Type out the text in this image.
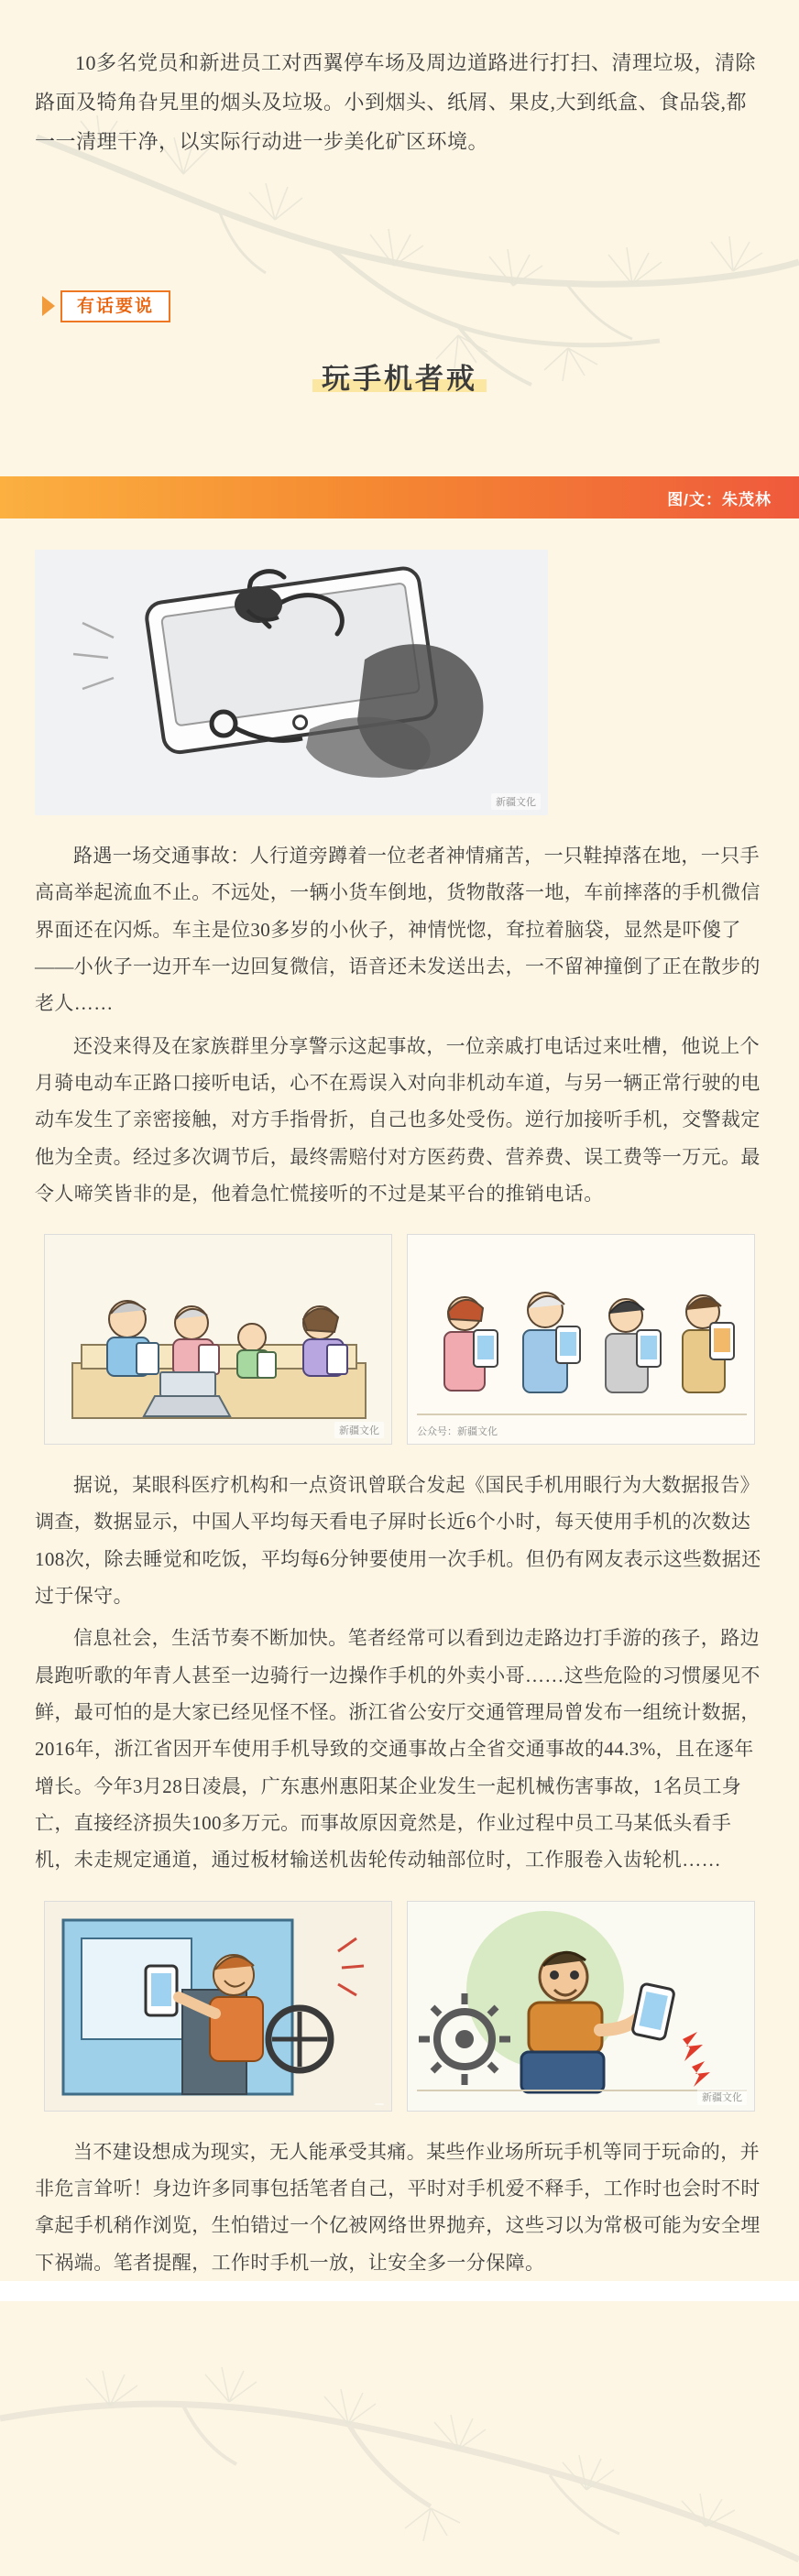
10多名党员和新进员工对西翼停车场及周边道路进行打扫、清理垃圾，清除路面及犄角旮旯里的烟头及垃圾。小到烟头、纸屑、果皮,大到纸盒、食品袋,都一一清理干净，以实际行动进一步美化矿区环境。

有话要说
玩手机者戒
图/文：朱茂林
新疆文化

路遇一场交通事故：人行道旁蹲着一位老者神情痛苦，一只鞋掉落在地，一只手高高举起流血不止。不远处，一辆小货车倒地，货物散落一地，车前摔落的手机微信界面还在闪烁。车主是位30多岁的小伙子，神情恍惚，耷拉着脑袋，显然是吓傻了——小伙子一边开车一边回复微信，语音还未发送出去，一不留神撞倒了正在散步的老人……

还没来得及在家族群里分享警示这起事故，一位亲戚打电话过来吐槽，他说上个月骑电动车正路口接听电话，心不在焉误入对向非机动车道，与另一辆正常行驶的电动车发生了亲密接触，对方手指骨折，自己也多处受伤。逆行加接听手机，交警裁定他为全责。经过多次调节后，最终需赔付对方医药费、营养费、误工费等一万元。最令人啼笑皆非的是，他着急忙慌接听的不过是某平台的推销电话。

新疆文化	公众号：新疆文化

据说，某眼科医疗机构和一点资讯曾联合发起《国民手机用眼行为大数据报告》调查，数据显示，中国人平均每天看电子屏时长近6个小时，每天使用手机的次数达108次，除去睡觉和吃饭，平均每6分钟要使用一次手机。但仍有网友表示这些数据还过于保守。

信息社会，生活节奏不断加快。笔者经常可以看到边走路边打手游的孩子，路边晨跑听歌的年青人甚至一边骑行一边操作手机的外卖小哥……这些危险的习惯屡见不鲜，最可怕的是大家已经见怪不怪。浙江省公安厅交通管理局曾发布一组统计数据，2016年，浙江省因开车使用手机导致的交通事故占全省交通事故的44.3%，且在逐年增长。今年3月28日凌晨，广东惠州惠阳某企业发生一起机械伤害事故，1名员工身亡，直接经济损失100多万元。而事故原因竟然是，作业过程中员工马某低头看手机，未走规定通道，通过板材输送机齿轮传动轴部位时，工作服卷入齿轮机……

新疆文化

当不建设想成为现实，无人能承受其痛。某些作业场所玩手机等同于玩命的，并非危言耸听！身边许多同事包括笔者自己，平时对手机爱不释手，工作时也会时不时拿起手机稍作浏览，生怕错过一个亿被网络世界抛弃，这些习以为常极可能为安全埋下祸端。笔者提醒，工作时手机一放，让安全多一分保障。
